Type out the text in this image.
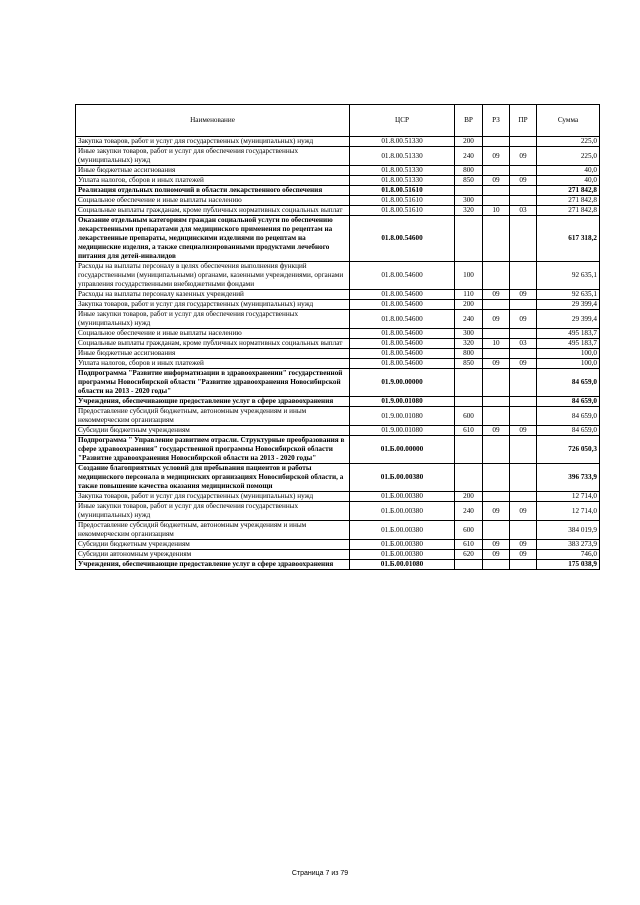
Наименование	ЦСР	ВР	РЗ	ПР	Сумма
Закупка товаров, работ и услуг для государственных (муниципальных) нужд	01.8.00.51330	200			225,0
Иные закупки товаров, работ и услуг для обеспечения государственных (муниципальных) нужд	01.8.00.51330	240	09	09	225,0
Иные бюджетные ассигнования	01.8.00.51330	800			40,0
Уплата налогов, сборов и иных платежей	01.8.00.51330	850	09	09	40,0
Реализация отдельных полномочий в области лекарственного обеспечения	01.8.00.51610				271 842,8
Социальное обеспечение и иные выплаты населению	01.8.00.51610	300			271 842,8
Социальные выплаты гражданам, кроме публичных нормативных социальных выплат	01.8.00.51610	320	10	03	271 842,8
Оказание отдельным категориям граждан социальной услуги по обеспечению лекарственными препаратами для медицинского применения по рецептам на лекарственные препараты, медицинскими изделиями по рецептам на медицинские изделия, а также специализированными продуктами лечебного питания для детей-инвалидов	01.8.00.54600				617 318,2
Расходы на выплаты персоналу в целях обеспечения выполнения функций государственными (муниципальными) органами, казенными учреждениями, органами управления государственными внебюджетными фондами	01.8.00.54600	100			92 635,1
Расходы на выплаты персоналу казенных учреждений	01.8.00.54600	110	09	09	92 635,1
Закупка товаров, работ и услуг для государственных (муниципальных) нужд	01.8.00.54600	200			29 399,4
Иные закупки товаров, работ и услуг для обеспечения государственных (муниципальных) нужд	01.8.00.54600	240	09	09	29 399,4
Социальное обеспечение и иные выплаты населению	01.8.00.54600	300			495 183,7
Социальные выплаты гражданам, кроме публичных нормативных социальных выплат	01.8.00.54600	320	10	03	495 183,7
Иные бюджетные ассигнования	01.8.00.54600	800			100,0
Уплата налогов, сборов и иных платежей	01.8.00.54600	850	09	09	100,0
Подпрограмма "Развитие информатизации в здравоохранении" государственной программы Новосибирской области "Развитие здравоохранения Новосибирской области на 2013 - 2020 годы"	01.9.00.00000				84 659,0
Учреждения, обеспечивающие предоставление услуг в сфере здравоохранения	01.9.00.01080				84 659,0
Предоставление субсидий бюджетным, автономным учреждениям и иным некоммерческим организациям	01.9.00.01080	600			84 659,0
Субсидии бюджетным учреждениям	01.9.00.01080	610	09	09	84 659,0
Подпрограмма " Управление развитием отрасли. Структурные преобразования в сфере здравоохранения" государственной программы Новосибирской области "Развитие здравоохранения Новосибирской области на 2013 - 2020 годы"	01.Б.00.00000				726 050,3
Создание благоприятных условий для пребывания пациентов и работы медицинского персонала в медицинских организациях Новосибирской области, а также повышение качества оказания медицинской помощи	01.Б.00.00380				396 733,9
Закупка товаров, работ и услуг для государственных (муниципальных) нужд	01.Б.00.00380	200			12 714,0
Иные закупки товаров, работ и услуг для обеспечения государственных (муниципальных) нужд	01.Б.00.00380	240	09	09	12 714,0
Предоставление субсидий бюджетным, автономным учреждениям и иным некоммерческим организациям	01.Б.00.00380	600			384 019,9
Субсидии бюджетным учреждениям	01.Б.00.00380	610	09	09	383 273,9
Субсидии автономным учреждениям	01.Б.00.00380	620	09	09	746,0
Учреждения, обеспечивающие предоставление услуг в сфере здравоохранения	01.Б.00.01080				175 038,9
Страница 7 из 79
